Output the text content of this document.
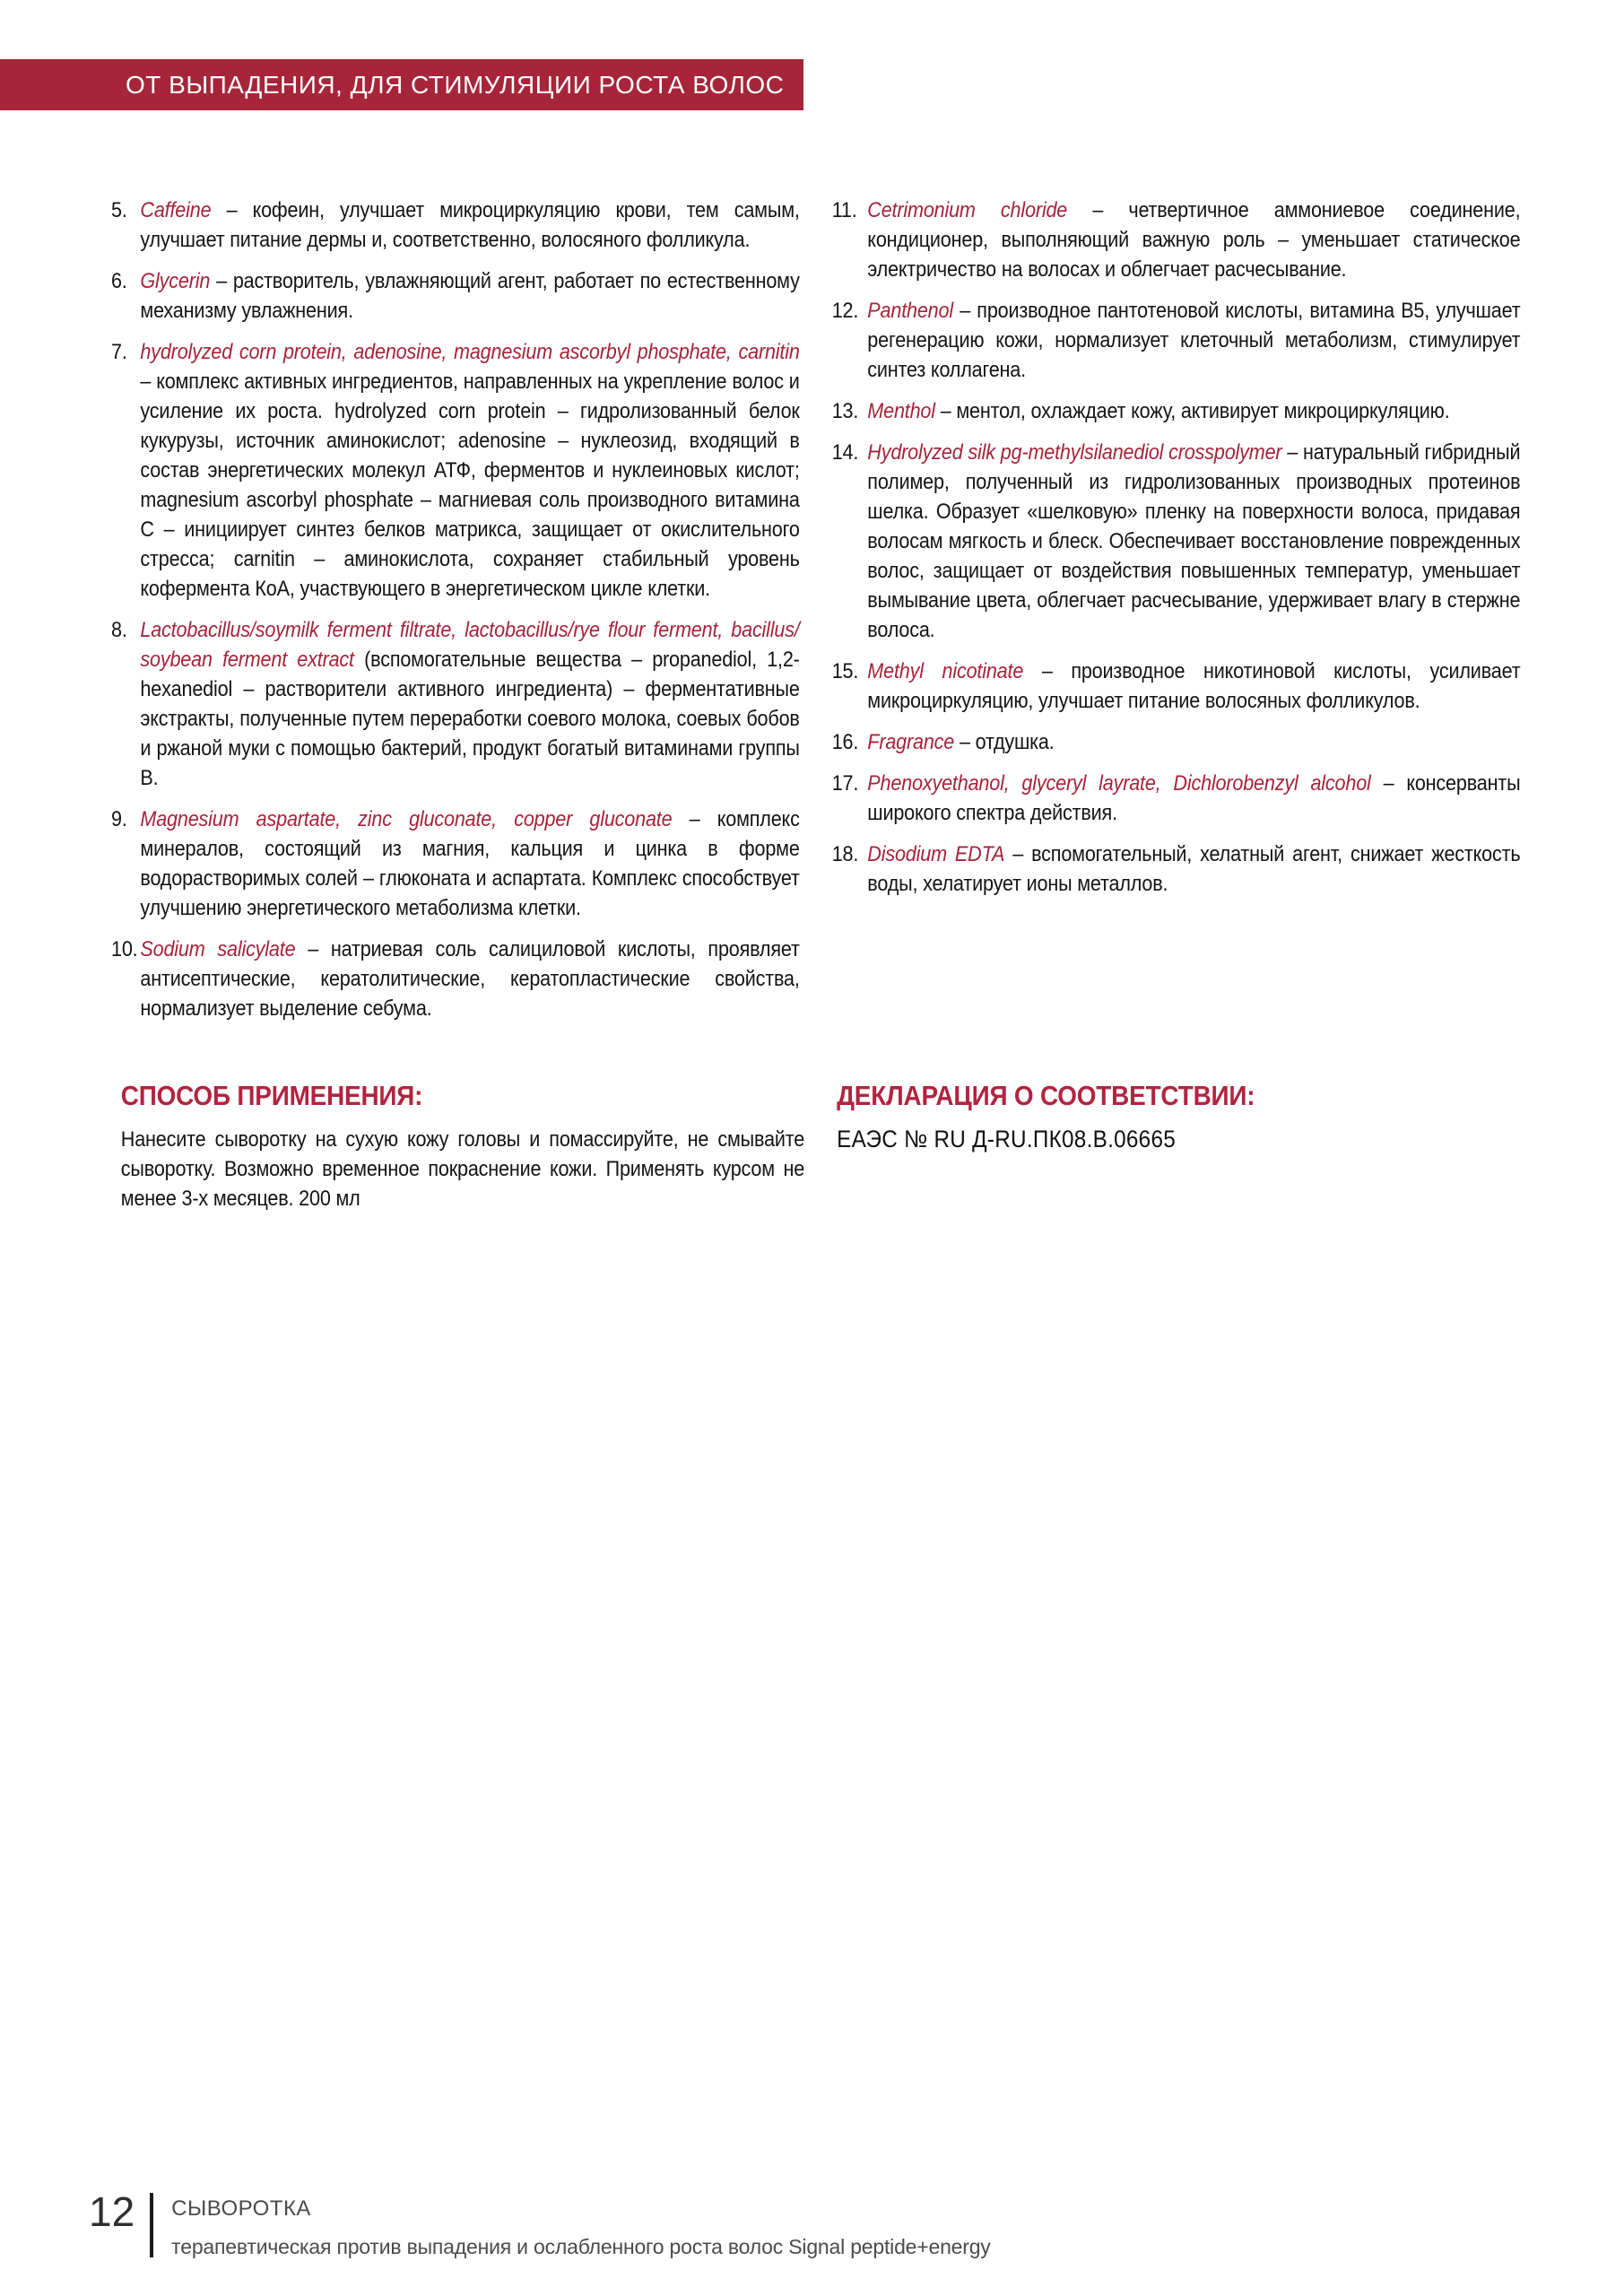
ОТ ВЫПАДЕНИЯ, ДЛЯ СТИМУЛЯЦИИ РОСТА ВОЛОС
5. Caffeine – кофеин, улучшает микроциркуляцию крови, тем самым, улучшает питание дермы и, соответственно, волосяного фолликула.
6. Glycerin – растворитель, увлажняющий агент, работает по естественному механизму увлажнения.
7. hydrolyzed corn protein, adenosine, magnesium ascorbyl phosphate, carnitin – комплекс активных ингредиентов, направленных на укрепление волос и усиление их роста. hydrolyzed corn protein – гидролизованный белок кукурузы, источник аминокислот; adenosine – нуклеозид, входящий в состав энергетических молекул АТФ, ферментов и нуклеиновых кислот; magnesium ascorbyl phosphate – магниевая соль производного витамина С – инициирует синтез белков матрикса, защищает от окислительного стресса; carnitin – аминокислота, сохраняет стабильный уровень кофермента КоА, участвующего в энергетическом цикле клетки.
8. Lactobacillus/soymilk ferment filtrate, lactobacillus/rye flour ferment, bacillus/ soybean ferment extract (вспомогательные вещества – propanediol, 1,2-hexanediol – растворители активного ингредиента) – ферментативные экстракты, полученные путем переработки соевого молока, соевых бобов и ржаной муки с помощью бактерий, продукт богатый витаминами группы В.
9. Magnesium aspartate, zinc gluconate, copper gluconate – комплекс минералов, состоящий из магния, кальция и цинка в форме водорастворимых солей – глюконата и аспартата. Комплекс способствует улучшению энергетического метаболизма клетки.
10. Sodium salicylate – натриевая соль салициловой кислоты, проявляет антисептические, кератолитические, кератопластические свойства, нормализует выделение себума.
11. Cetrimonium chloride – четвертичное аммониевое соединение, кондиционер, выполняющий важную роль – уменьшает статическое электричество на волосах и облегчает расчесывание.
12. Panthenol – производное пантотеновой кислоты, витамина В5, улучшает регенерацию кожи, нормализует клеточный метаболизм, стимулирует синтез коллагена.
13. Menthol – ментол, охлаждает кожу, активирует микроциркуляцию.
14. Hydrolyzed silk pg-methylsilanediol crosspolymer – натуральный гибридный полимер, полученный из гидролизованных производных протеинов шелка. Образует «шелковую» пленку на поверхности волоса, придавая волосам мягкость и блеск. Обеспечивает восстановление поврежденных волос, защищает от воздействия повышенных температур, уменьшает вымывание цвета, облегчает расчесывание, удерживает влагу в стержне волоса.
15. Methyl nicotinate – производное никотиновой кислоты, усиливает микроциркуляцию, улучшает питание волосяных фолликулов.
16. Fragrance – отдушка.
17. Phenoxyethanol, glyceryl layrate, Dichlorobenzyl alcohol – консерванты широкого спектра действия.
18. Disodium EDTA – вспомогательный, хелатный агент, снижает жесткость воды, хелатирует ионы металлов.
СПОСОБ ПРИМЕНЕНИЯ:
Нанесите сыворотку на сухую кожу головы и помассируйте, не смывайте сыворотку. Возможно временное покраснение кожи. Применять курсом не менее 3-х месяцев. 200 мл
ДЕКЛАРАЦИЯ О СООТВЕТСТВИИ:
ЕАЭС № RU Д-RU.ПК08.В.06665
12 СЫВОРОТКА
терапевтическая против выпадения и ослабленного роста волос Signal peptide+energy
